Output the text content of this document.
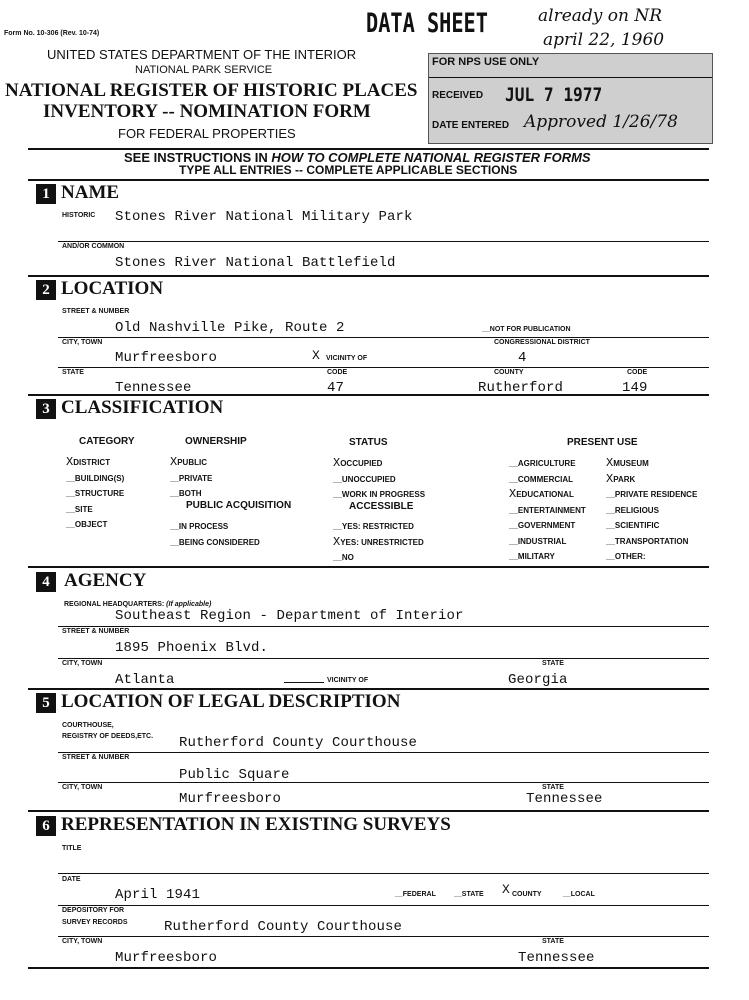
Form No. 10-306 (Rev. 10-74)	DATA SHEET	already on NR
april 22, 1960
UNITED STATES DEPARTMENT OF THE INTERIOR
NATIONAL PARK SERVICE
NATIONAL REGISTER OF HISTORIC PLACES
INVENTORY -- NOMINATION FORM
FOR FEDERAL PROPERTIES
FOR NPS USE ONLY
RECEIVED JUL 7 1977
DATE ENTERED Approved 1/26/78
SEE INSTRUCTIONS IN HOW TO COMPLETE NATIONAL REGISTER FORMS
TYPE ALL ENTRIES -- COMPLETE APPLICABLE SECTIONS
1 NAME
HISTORIC Stones River National Military Park
AND/OR COMMON
Stones River National Battlefield
2 LOCATION
STREET & NUMBER
Old Nashville Pike, Route 2	__NOT FOR PUBLICATION
CITY, TOWN	CONGRESSIONAL DISTRICT
Murfreesboro	X VICINITY OF	4
STATE	CODE	COUNTY	CODE
Tennessee	47	Rutherford	149
3 CLASSIFICATION
CATEGORY
XDISTRICT
__BUILDING(S)
__STRUCTURE
__SITE
__OBJECT
OWNERSHIP
XPUBLIC
__PRIVATE
__BOTH
PUBLIC ACQUISITION
__IN PROCESS
__BEING CONSIDERED
STATUS
XOCCUPIED
__UNOCCUPIED
__WORK IN PROGRESS
ACCESSIBLE
__YES: RESTRICTED
XYES: UNRESTRICTED
__NO
PRESENT USE
__AGRICULTURE
__COMMERCIAL
XEDUCATIONAL
__ENTERTAINMENT
__GOVERNMENT
__INDUSTRIAL
__MILITARY
XMUSEUM
XPARK
__PRIVATE RESIDENCE
__RELIGIOUS
__SCIENTIFIC
__TRANSPORTATION
__OTHER:
4 AGENCY
REGIONAL HEADQUARTERS: (If applicable)
Southeast Region - Department of Interior
STREET & NUMBER
1895 Phoenix Blvd.
CITY, TOWN	STATE
Atlanta	VICINITY OF	Georgia
5 LOCATION OF LEGAL DESCRIPTION
COURTHOUSE,
REGISTRY OF DEEDS,ETC. Rutherford County Courthouse
STREET & NUMBER
Public Square
CITY, TOWN	STATE
Murfreesboro	Tennessee
6 REPRESENTATION IN EXISTING SURVEYS
TITLE
DATE
April 1941	__FEDERAL	__STATE X COUNTY	__LOCAL
DEPOSITORY FOR
SURVEY RECORDS	Rutherford County Courthouse
CITY, TOWN	STATE
Murfreesboro	Tennessee
